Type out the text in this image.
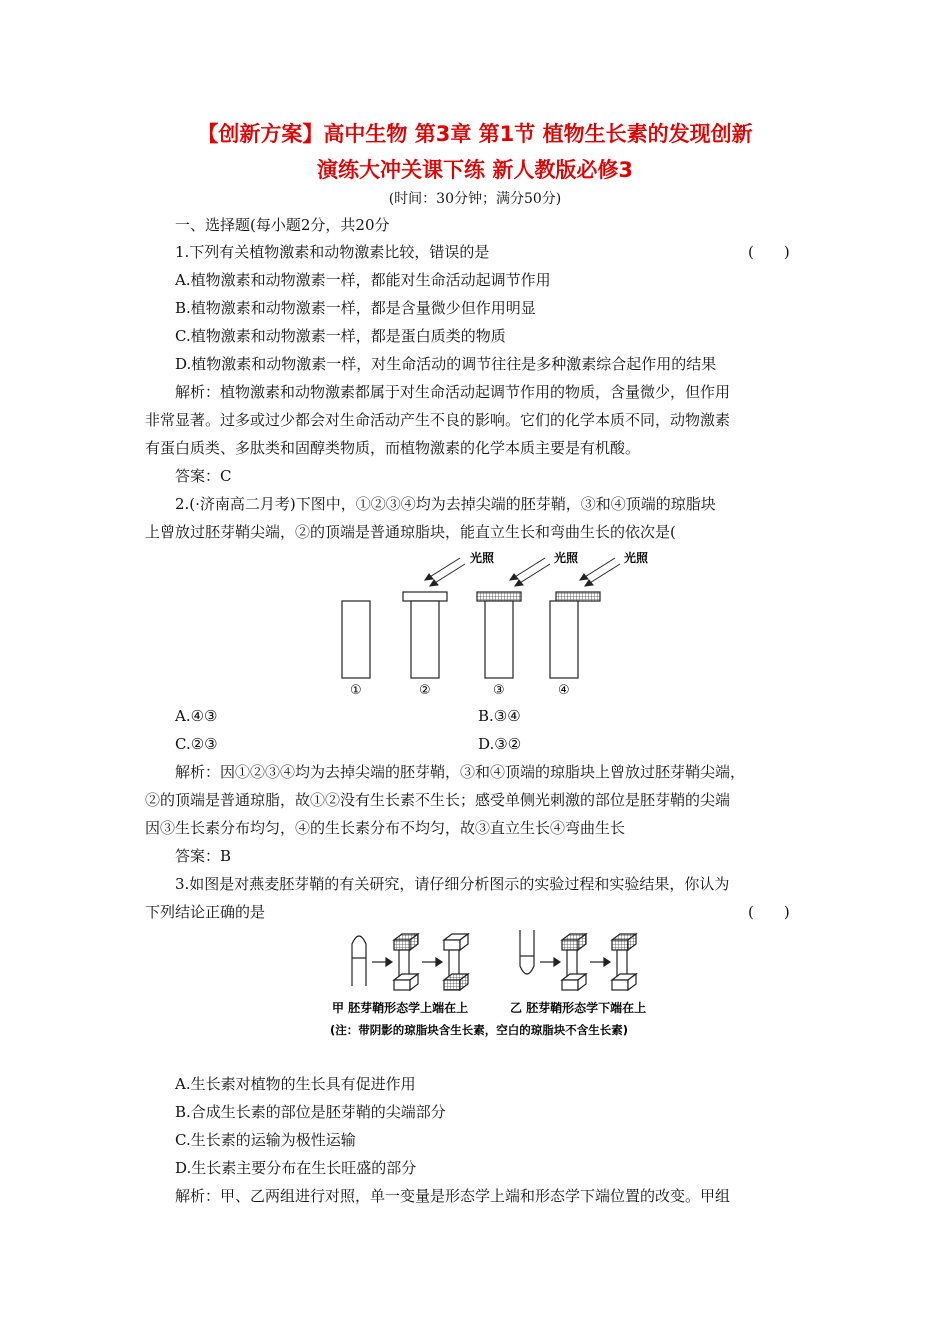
【创新方案】高中生物 第3章 第1节 植物生长素的发现创新
演练大冲关课下练 新人教版必修3
(时间：30分钟；满分50分)
一、选择题(每小题2分，共20分
1.下列有关植物激素和动物激素比较，错误的是	(　　)
A.植物激素和动物激素一样，都能对生命活动起调节作用
B.植物激素和动物激素一样，都是含量微少但作用明显
C.植物激素和动物激素一样，都是蛋白质类的物质
D.植物激素和动物激素一样，对生命活动的调节往往是多种激素综合起作用的结果
解析：植物激素和动物激素都属于对生命活动起调节作用的物质，含量微少，但作用
非常显著。过多或过少都会对生命活动产生不良的影响。它们的化学本质不同，动物激素
有蛋白质类、多肽类和固醇类物质，而植物激素的化学本质主要是有机酸。
答案：C
2.(·济南高二月考)下图中，①②③④均为去掉尖端的胚芽鞘，③和④顶端的琼脂块
上曾放过胚芽鞘尖端，②的顶端是普通琼脂块，能直立生长和弯曲生长的依次是(
光照	光照	光照
①	②	③	④
A.④③	B.③④
C.②③	D.③②
解析：因①②③④均为去掉尖端的胚芽鞘，③和④顶端的琼脂块上曾放过胚芽鞘尖端，
②的顶端是普通琼脂，故①②没有生长素不生长；感受单侧光刺激的部位是胚芽鞘的尖端
因③生长素分布均匀，④的生长素分布不均匀，故③直立生长④弯曲生长
答案：B
3.如图是对燕麦胚芽鞘的有关研究，请仔细分析图示的实验过程和实验结果，你认为
下列结论正确的是	(　　)
甲 胚芽鞘形态学上端在上	乙 胚芽鞘形态学下端在上
(注：带阴影的琼脂块含生长素，空白的琼脂块不含生长素)
A.生长素对植物的生长具有促进作用
B.合成生长素的部位是胚芽鞘的尖端部分
C.生长素的运输为极性运输
D.生长素主要分布在生长旺盛的部分
解析：甲、乙两组进行对照，单一变量是形态学上端和形态学下端位置的改变。甲组
